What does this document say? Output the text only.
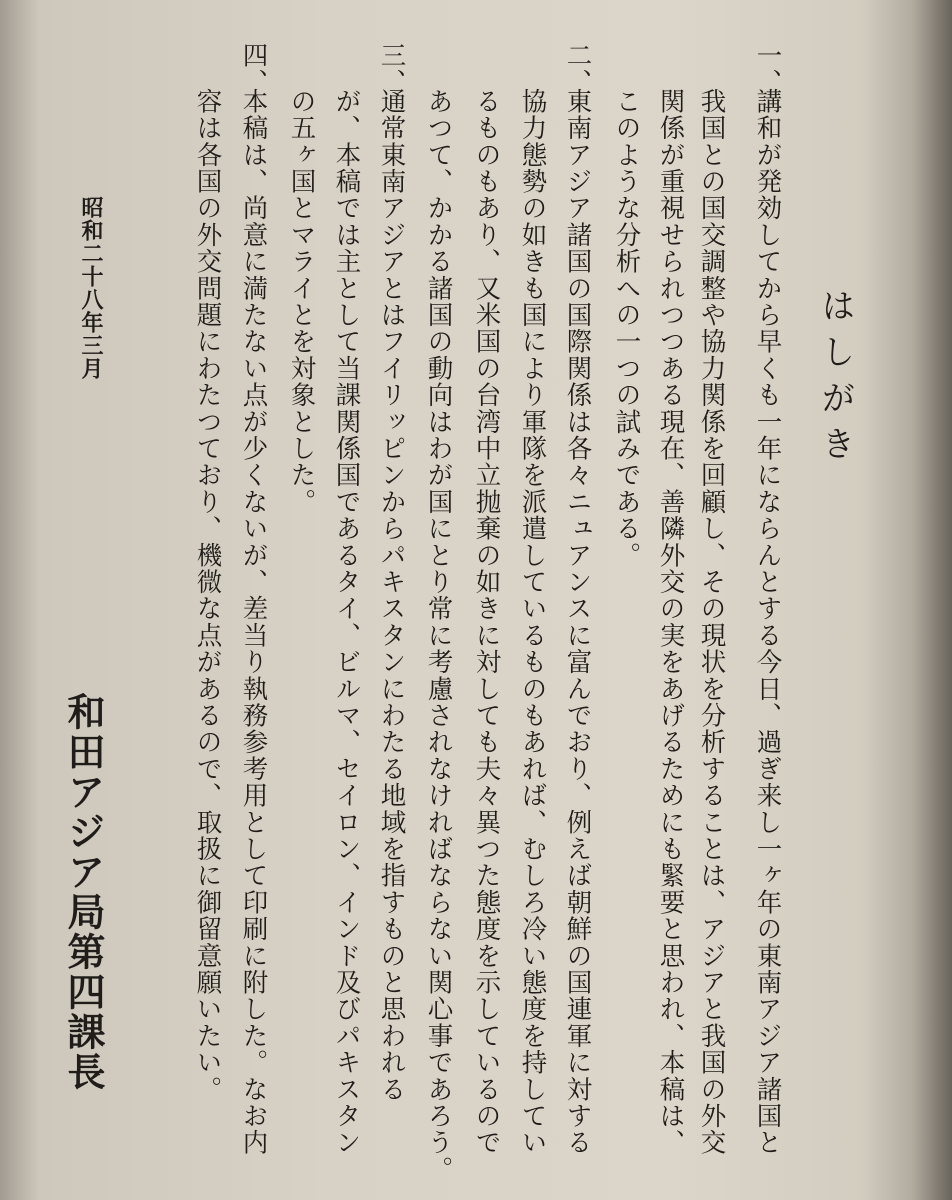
はしがき
一、
講和が発効してから早くも一年にならんとする今日、過ぎ来し一ヶ年の東南アジア諸国と
我国との国交調整や協力関係を回顧し、その現状を分析することは、アジアと我国の外交
関係が重視せられつつある現在、善隣外交の実をあげるためにも緊要と思われ、本稿は、
このような分析への一つの試みである。
二、
東南アジア諸国の国際関係は各々ニュアンスに富んでおり、例えば朝鮮の国連軍に対する
協力態勢の如きも国により軍隊を派遣しているものもあれば、むしろ冷い態度を持してい
るものもあり、又米国の台湾中立抛棄の如きに対しても夫々異つた態度を示しているので
あつて、かかる諸国の動向はわが国にとり常に考慮されなければならない関心事であろう。
三、
通常東南アジアとはフイリッピンからパキスタンにわたる地域を指すものと思われる
が、本稿では主として当課関係国であるタイ、ビルマ、セイロン、インド及びパキスタン
の五ヶ国とマライとを対象とした。
四、
本稿は、尚意に満たない点が少くないが、差当り執務参考用として印刷に附した。なお内
容は各国の外交問題にわたつており、機微な点があるので、取扱に御留意願いたい。
昭和二十八年三月
和田アジア局第四課長
